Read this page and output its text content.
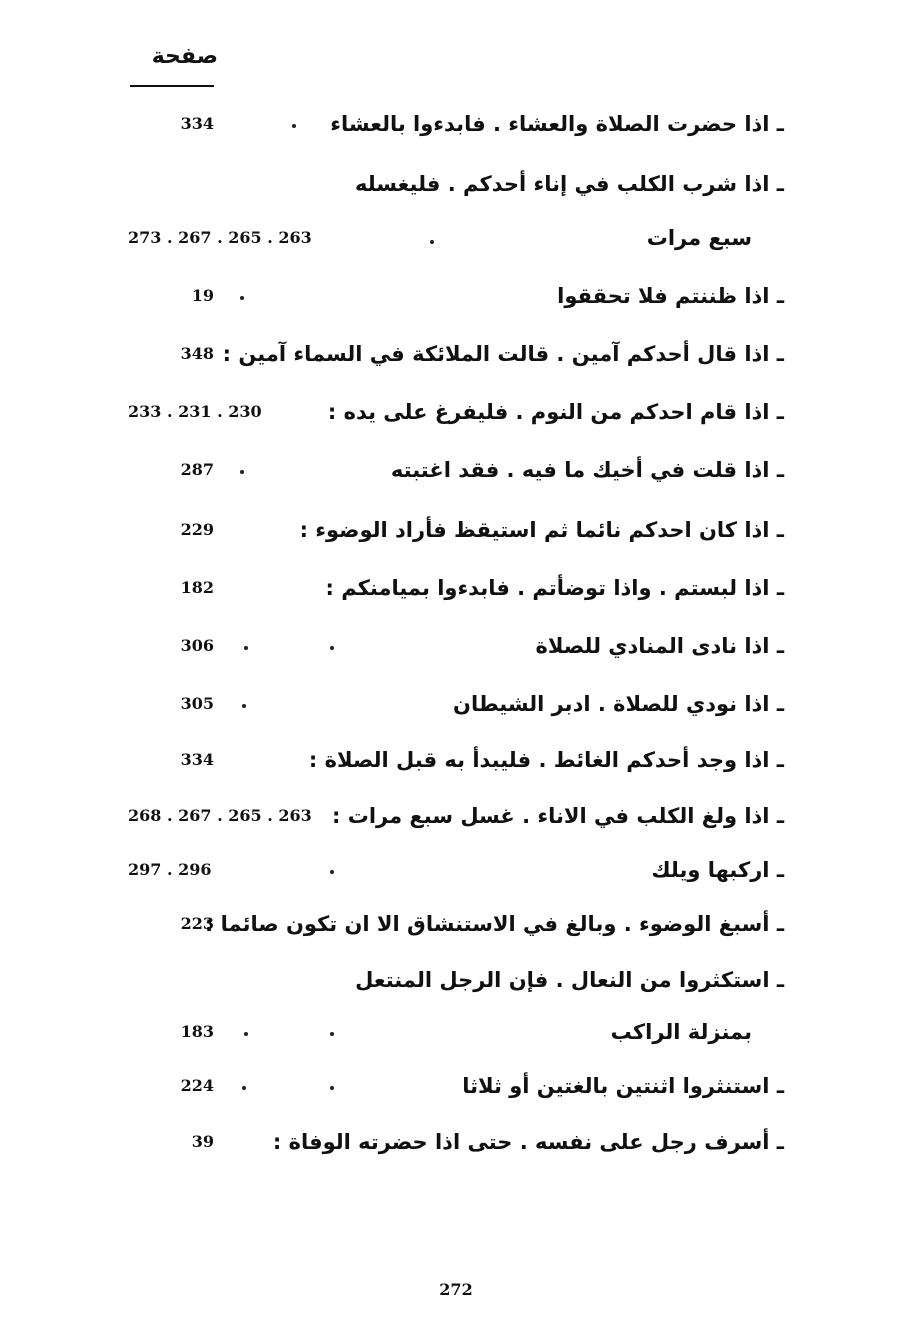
صفحة
ـ اذا حضرت الصلاة والعشاء . فابدءوا بالعشاء
334
ـ اذا شرب الكلب في إناء أحدكم . فليغسله
سبع مرات
273 . 267 . 265 . 263
ـ اذا ظننتم فلا تحققوا
19
ـ اذا قال أحدكم آمين . قالت الملائكة في السماء آمين :
348
ـ اذا قام احدكم من النوم . فليفرغ على يده :
233 . 231 . 230
ـ اذا قلت في أخيك ما فيه . فقد اغتبته
287
ـ اذا كان احدكم نائما ثم استيقظ فأراد الوضوء :
229
ـ اذا لبستم . واذا توضأتم . فابدءوا بميامنكم :
182
ـ اذا نادى المنادي للصلاة
306
ـ اذا نودي للصلاة . ادبر الشيطان
305
ـ اذا وجد أحدكم الغائط . فليبدأ به قبل الصلاة :
334
ـ اذا ولغ الكلب في الاناء . غسل سبع مرات :
268 . 267 . 265 . 263
ـ اركبها ويلك
297 . 296
ـ أسبغ الوضوء . وبالغ في الاستنشاق الا ان تكون صائما :
223
ـ استكثروا من النعال . فإن الرجل المنتعل
بمنزلة الراكب
183
ـ استنثروا اثنتين بالغتين أو ثلاثا
224
ـ أسرف رجل على نفسه . حتى اذا حضرته الوفاة :
39
272
